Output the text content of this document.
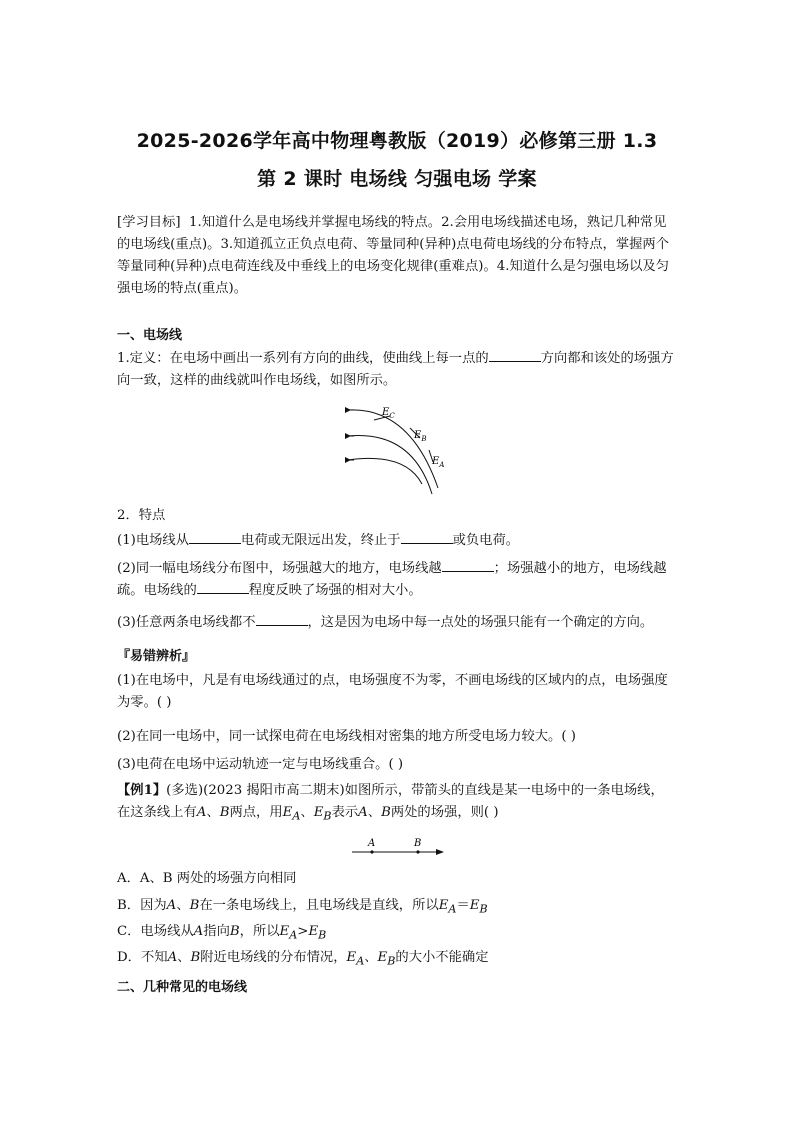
2025-2026学年高中物理粤教版（2019）必修第三册 1.3
第 2 课时 电场线 匀强电场 学案
[学习目标] 1.知道什么是电场线并掌握电场线的特点。2.会用电场线描述电场，熟记几种常见的电场线(重点)。3.知道孤立正负点电荷、等量同种(异种)点电荷电场线的分布特点，掌握两个等量同种(异种)点电荷连线及中垂线上的电场变化规律(重难点)。4.知道什么是匀强电场以及匀强电场的特点(重点)。
一、电场线
1.定义：在电场中画出一系列有方向的曲线，使曲线上每一点的	方向都和该处的场强方向一致，这样的曲线就叫作电场线，如图所示。
$E_C$
$E_B$
$E_A$
2．特点
(1)电场线从	电荷或无限远出发，终止于	或负电荷。
(2)同一幅电场线分布图中，场强越大的地方，电场线越	；场强越小的地方，电场线越疏。电场线的	程度反映了场强的相对大小。
(3)任意两条电场线都不	，这是因为电场中每一点处的场强只能有一个确定的方向。
『易错辨析』
(1)在电场中，凡是有电场线通过的点，电场强度不为零，不画电场线的区域内的点，电场强度为零。( )
(2)在同一电场中，同一试探电荷在电场线相对密集的地方所受电场力较大。( )
(3)电荷在电场中运动轨迹一定与电场线重合。( )
【例1】(多选)(2023 揭阳市高二期末)如图所示，带箭头的直线是某一电场中的一条电场线，
在这条线上有A、B两点，用$E_A$、$E_B$表示A、B两处的场强，则( )
A	B
A．A、B 两处的场强方向相同
B．因为A、B在一条电场线上，且电场线是直线，所以$E_A=E_B$
C．电场线从A指向B，所以$E_A>E_B$
D．不知A、B附近电场线的分布情况，$E_A$、$E_B$的大小不能确定
二、几种常见的电场线
